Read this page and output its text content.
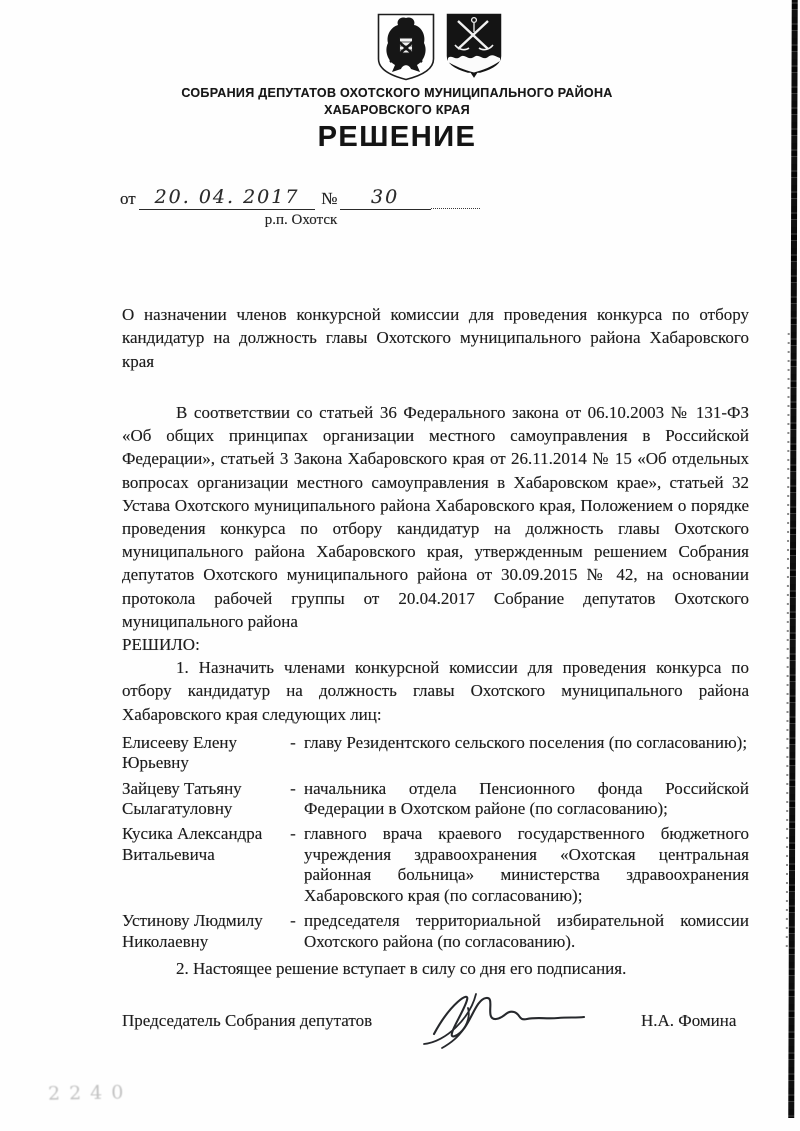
СОБРАНИЯ ДЕПУТАТОВ ОХОТСКОГО МУНИЦИПАЛЬНОГО РАЙОНА
ХАБАРОВСКОГО КРАЯ
РЕШЕНИЕ
от 20. 04. 2017	№	30
р.п. Охотск
О назначении членов конкурсной комиссии для проведения конкурса по отбору кандидатур на должность главы Охотского муниципального района Хабаровского края

В соответствии со статьей 36 Федерального закона от 06.10.2003 № 131-ФЗ «Об общих принципах организации местного самоуправления в Российской Федерации», статьей 3 Закона Хабаровского края от 26.11.2014 № 15 «Об отдельных вопросах организации местного самоуправления в Хабаровском крае», статьей 32 Устава Охотского муниципального района Хабаровского края, Положением о порядке проведения конкурса по отбору кандидатур на должность главы Охотского муниципального района Хабаровского края, утвержденным решением Собрания депутатов Охотского муниципального района от 30.09.2015 № 42, на основании протокола рабочей группы от 20.04.2017 Собрание депутатов Охотского муниципального района

РЕШИЛО:

1. Назначить членами конкурсной комиссии для проведения конкурса по отбору кандидатур на должность главы Охотского муниципального района Хабаровского края следующих лиц:

Елисееву Елену Юрьевну
- главу Резидентского сельского поселения (по согласованию);
Зайцеву Татьяну Сылагатуловну
- начальника отдела Пенсионного фонда Российской Федерации в Охотском районе (по согласованию);
Кусика Александра Витальевича
- главного врача краевого государственного бюджетного учреждения здравоохранения «Охотская центральная районная больница» министерства здравоохранения Хабаровского края (по согласованию);
Устинову Людмилу Николаевну
- председателя территориальной избирательной комиссии Охотского района (по согласованию).

2. Настоящее решение вступает в силу со дня его подписания.

Председатель Собрания депутатов	Н.А. Фомина
2240
